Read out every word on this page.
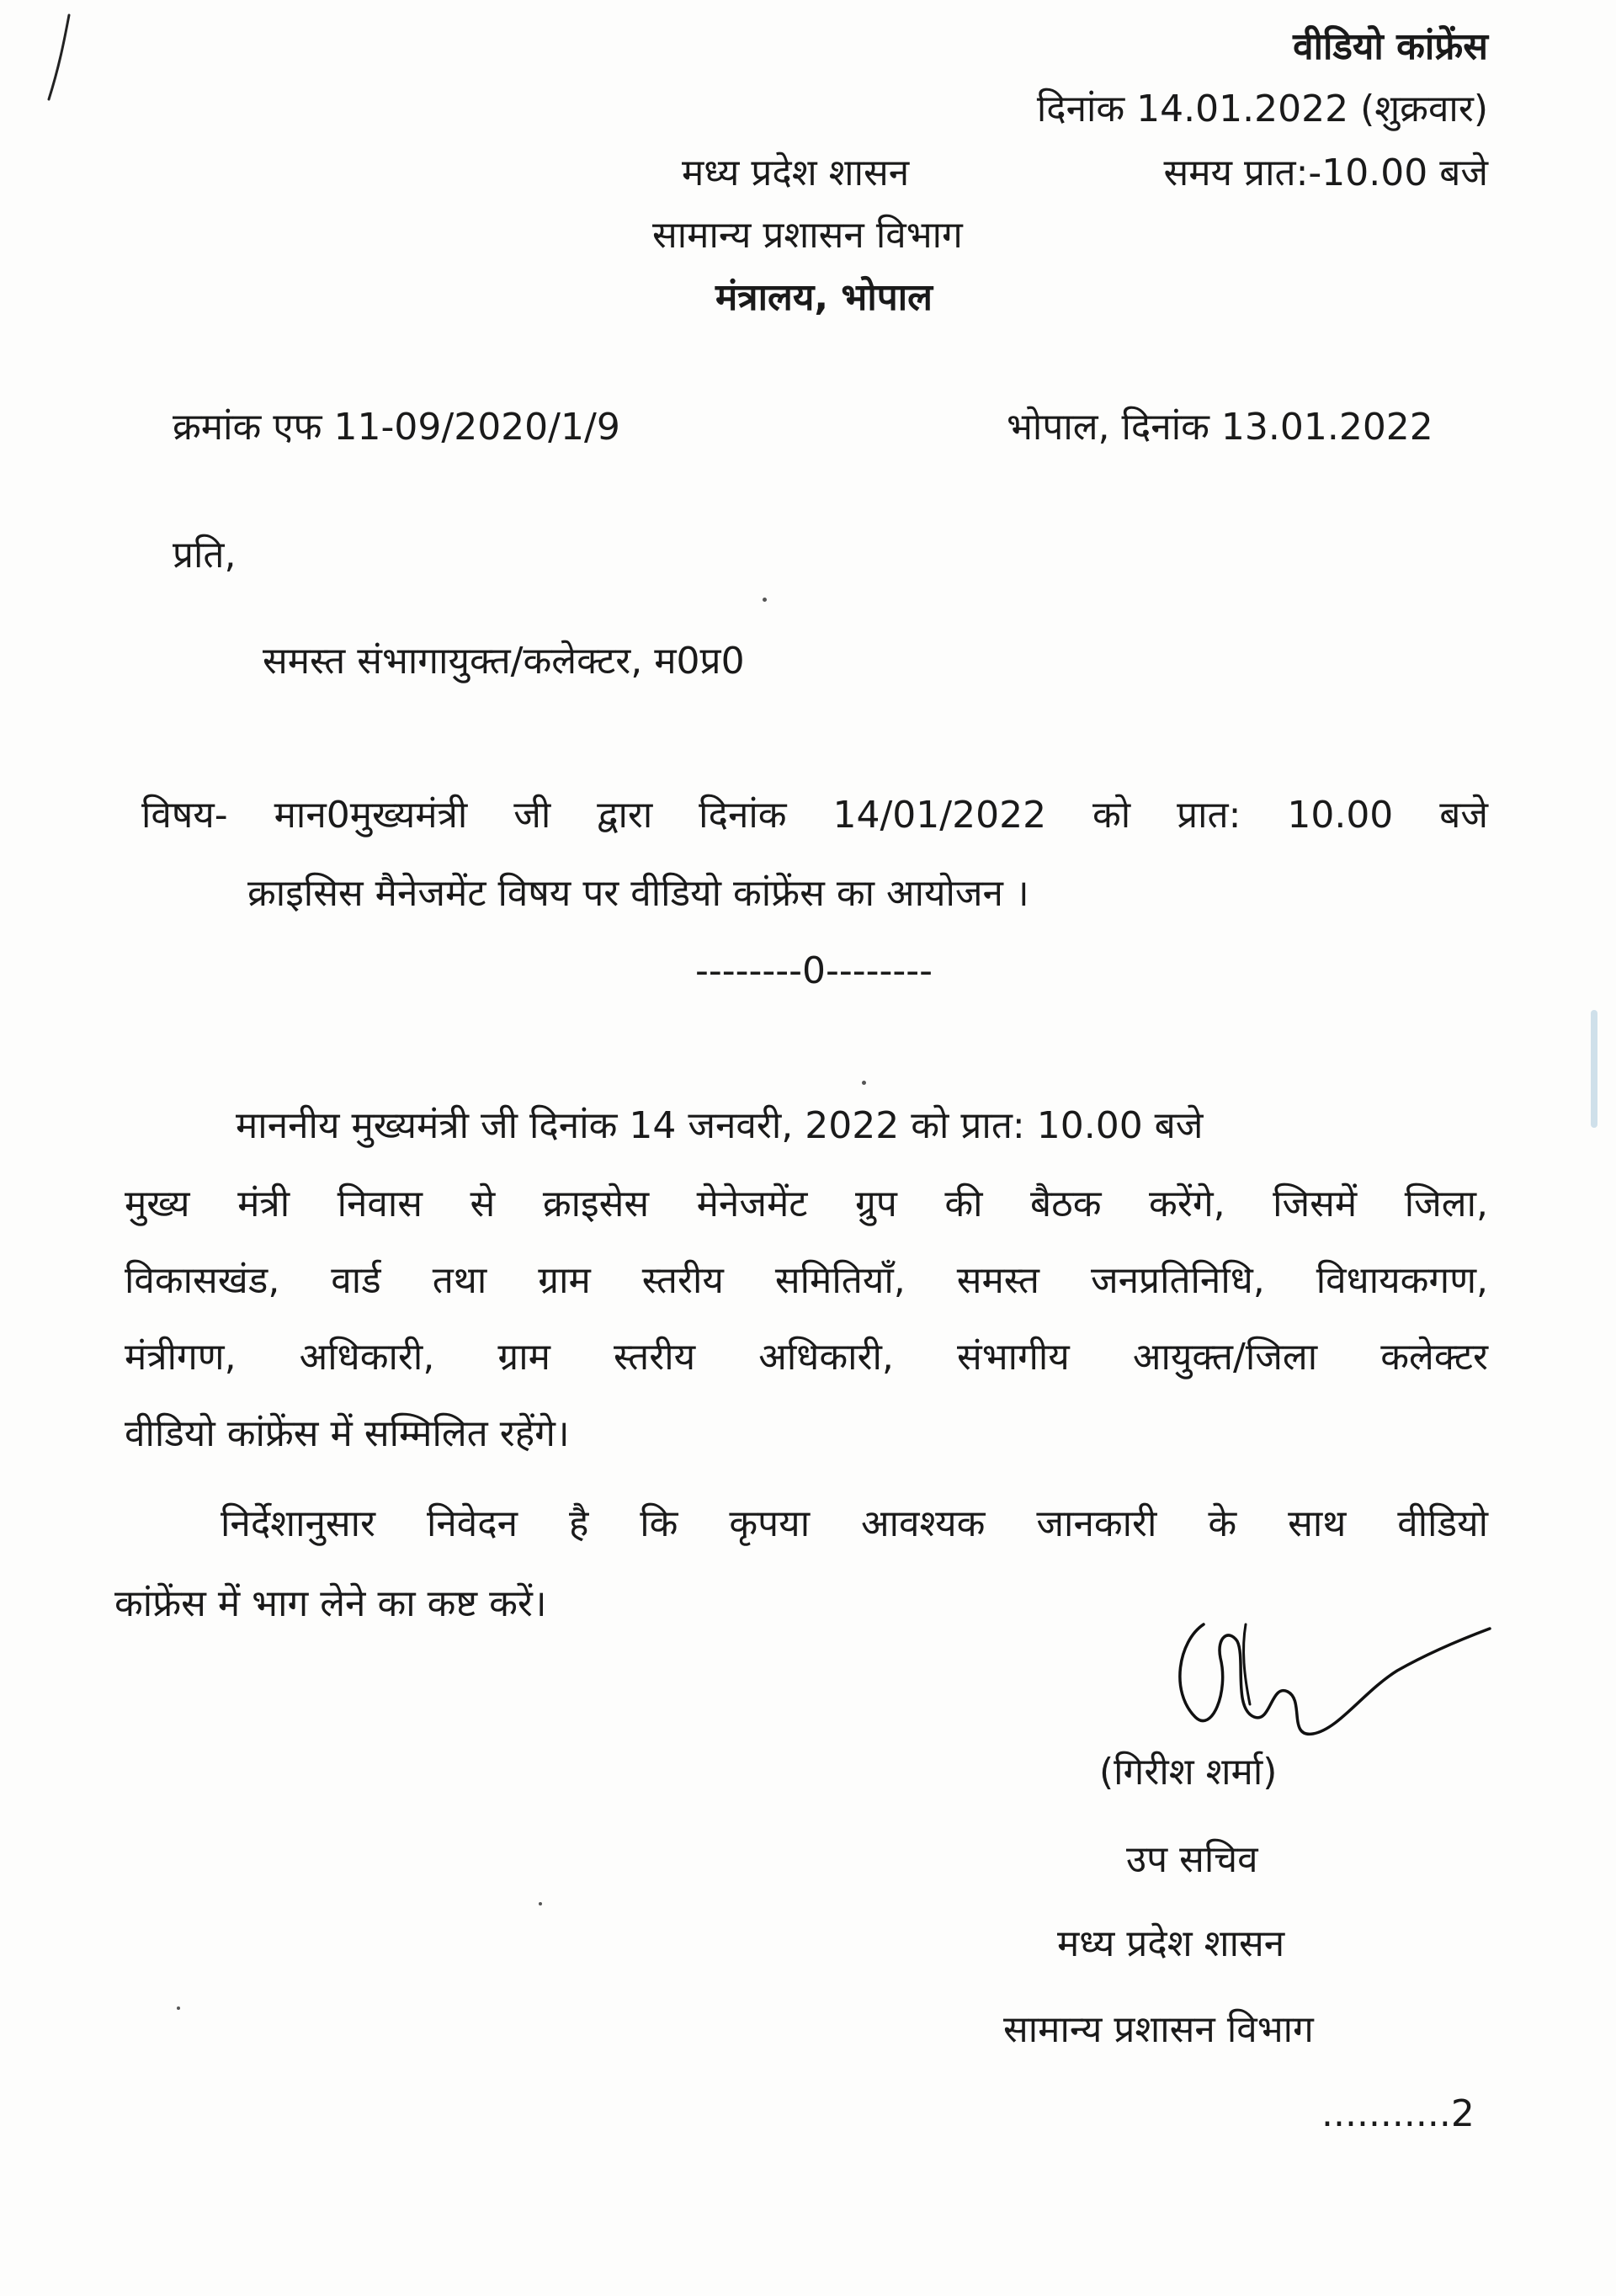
वीडियो कांफ्रेंस
दिनांक 14.01.2022 (शुक्रवार)
समय प्रात:-10.00 बजे
मध्य प्रदेश शासन
सामान्य प्रशासन विभाग
मंत्रालय, भोपाल
क्रमांक एफ 11-09/2020/1/9	भोपाल, दिनांक 13.01.2022
प्रति,
समस्त संभागायुक्त/कलेक्टर, म0प्र0
विषय- मान0मुख्यमंत्री जी द्वारा दिनांक 14/01/2022 को प्रात: 10.00 बजे
क्राइसिस मैनेजमेंट विषय पर वीडियो कांफ्रेंस का आयोजन ।
--------0--------
माननीय मुख्यमंत्री जी दिनांक 14 जनवरी, 2022 को प्रात: 10.00 बजे
मुख्य मंत्री निवास से क्राइसेस मेनेजमेंट ग्रुप की बैठक करेंगे, जिसमें जिला,
विकासखंड, वार्ड तथा ग्राम स्तरीय समितियाँ, समस्त जनप्रतिनिधि, विधायकगण,
मंत्रीगण, अधिकारी, ग्राम स्तरीय अधिकारी, संभागीय आयुक्त/जिला कलेक्टर
वीडियो कांफ्रेंस में सम्मिलित रहेंगे।
निर्देशानुसार निवेदन है कि कृपया आवश्यक जानकारी के साथ वीडियो
कांफ्रेंस में भाग लेने का कष्ट करें।
(गिरीश शर्मा)
उप सचिव
मध्य प्रदेश शासन
सामान्य प्रशासन विभाग
...........2
